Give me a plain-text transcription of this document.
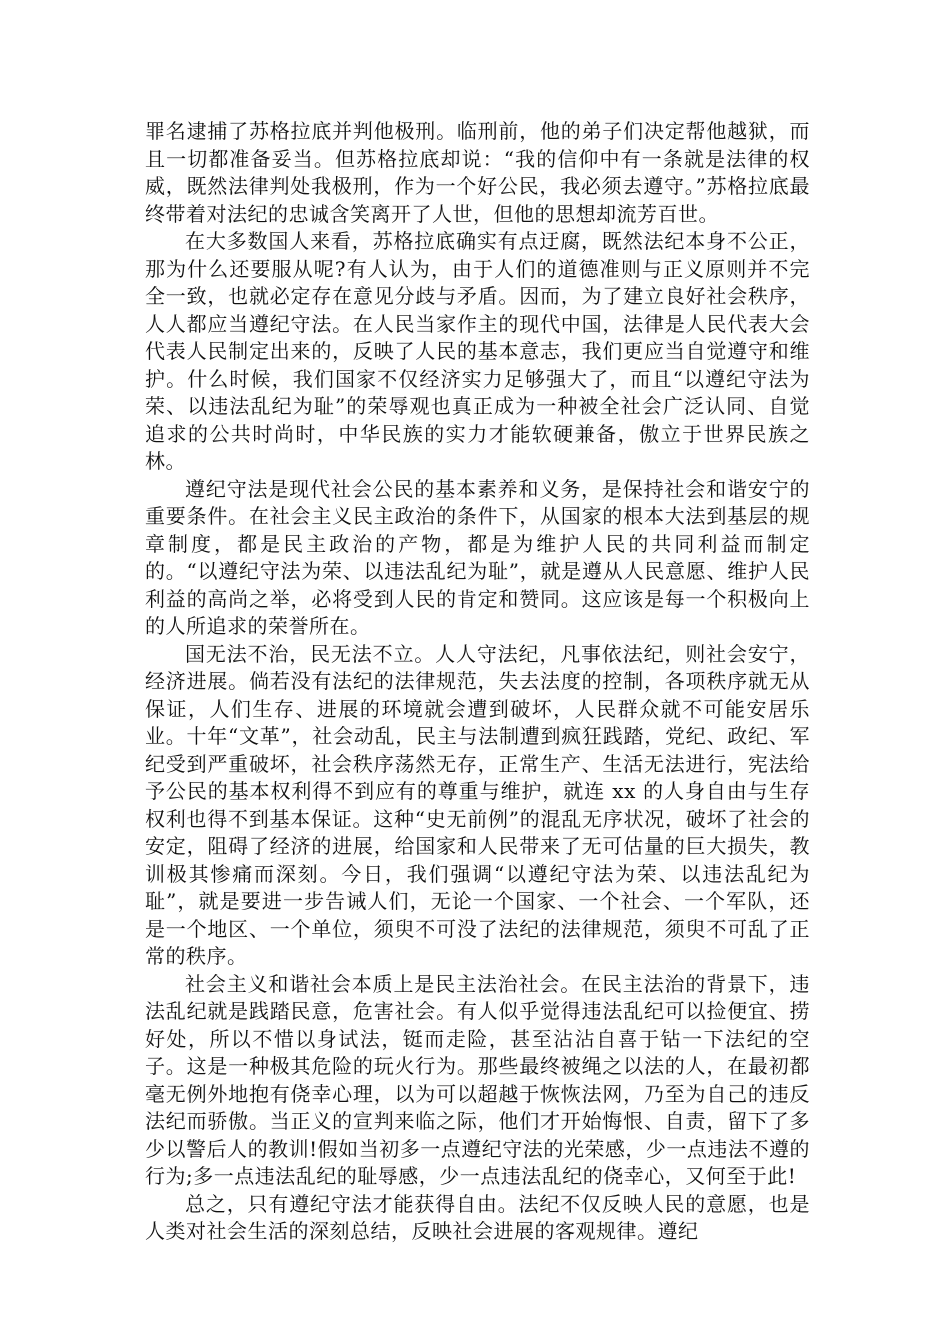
罪名逮捕了苏格拉底并判他极刑。临刑前，他的弟子们决定帮他越狱，而且一切都准备妥当。但苏格拉底却说：“我的信仰中有一条就是法律的权威，既然法律判处我极刑，作为一个好公民，我必须去遵守。”苏格拉底最终带着对法纪的忠诚含笑离开了人世，但他的思想却流芳百世。

在大多数国人来看，苏格拉底确实有点迂腐，既然法纪本身不公正，那为什么还要服从呢?有人认为，由于人们的道德准则与正义原则并不完全一致，也就必定存在意见分歧与矛盾。因而，为了建立良好社会秩序，人人都应当遵纪守法。在人民当家作主的现代中国，法律是人民代表大会代表人民制定出来的，反映了人民的基本意志，我们更应当自觉遵守和维护。什么时候，我们国家不仅经济实力足够强大了，而且“以遵纪守法为荣、以违法乱纪为耻”的荣辱观也真正成为一种被全社会广泛认同、自觉追求的公共时尚时，中华民族的实力才能软硬兼备，傲立于世界民族之林。

遵纪守法是现代社会公民的基本素养和义务，是保持社会和谐安宁的重要条件。在社会主义民主政治的条件下，从国家的根本大法到基层的规章制度，都是民主政治的产物，都是为维护人民的共同利益而制定的。“以遵纪守法为荣、以违法乱纪为耻”，就是遵从人民意愿、维护人民利益的高尚之举，必将受到人民的肯定和赞同。这应该是每一个积极向上的人所追求的荣誉所在。

国无法不治，民无法不立。人人守法纪，凡事依法纪，则社会安宁，经济进展。倘若没有法纪的法律规范，失去法度的控制，各项秩序就无从保证，人们生存、进展的环境就会遭到破坏，人民群众就不可能安居乐业。十年“文革”，社会动乱，民主与法制遭到疯狂践踏，党纪、政纪、军纪受到严重破坏，社会秩序荡然无存，正常生产、生活无法进行，宪法给予公民的基本权利得不到应有的尊重与维护，就连 xx 的人身自由与生存权利也得不到基本保证。这种“史无前例”的混乱无序状况，破坏了社会的安定，阻碍了经济的进展，给国家和人民带来了无可估量的巨大损失，教训极其惨痛而深刻。今日，我们强调“以遵纪守法为荣、以违法乱纪为耻”，就是要进一步告诫人们，无论一个国家、一个社会、一个军队，还是一个地区、一个单位，须臾不可没了法纪的法律规范，须臾不可乱了正常的秩序。

社会主义和谐社会本质上是民主法治社会。在民主法治的背景下，违法乱纪就是践踏民意，危害社会。有人似乎觉得违法乱纪可以捡便宜、捞好处，所以不惜以身试法，铤而走险，甚至沾沾自喜于钻一下法纪的空子。这是一种极其危险的玩火行为。那些最终被绳之以法的人，在最初都毫无例外地抱有侥幸心理，以为可以超越于恢恢法网，乃至为自己的违反法纪而骄傲。当正义的宣判来临之际，他们才开始悔恨、自责，留下了多少以警后人的教训!假如当初多一点遵纪守法的光荣感，少一点违法不遵的行为;多一点违法乱纪的耻辱感，少一点违法乱纪的侥幸心，又何至于此!

总之，只有遵纪守法才能获得自由。法纪不仅反映人民的意愿，也是人类对社会生活的深刻总结，反映社会进展的客观规律。遵纪
